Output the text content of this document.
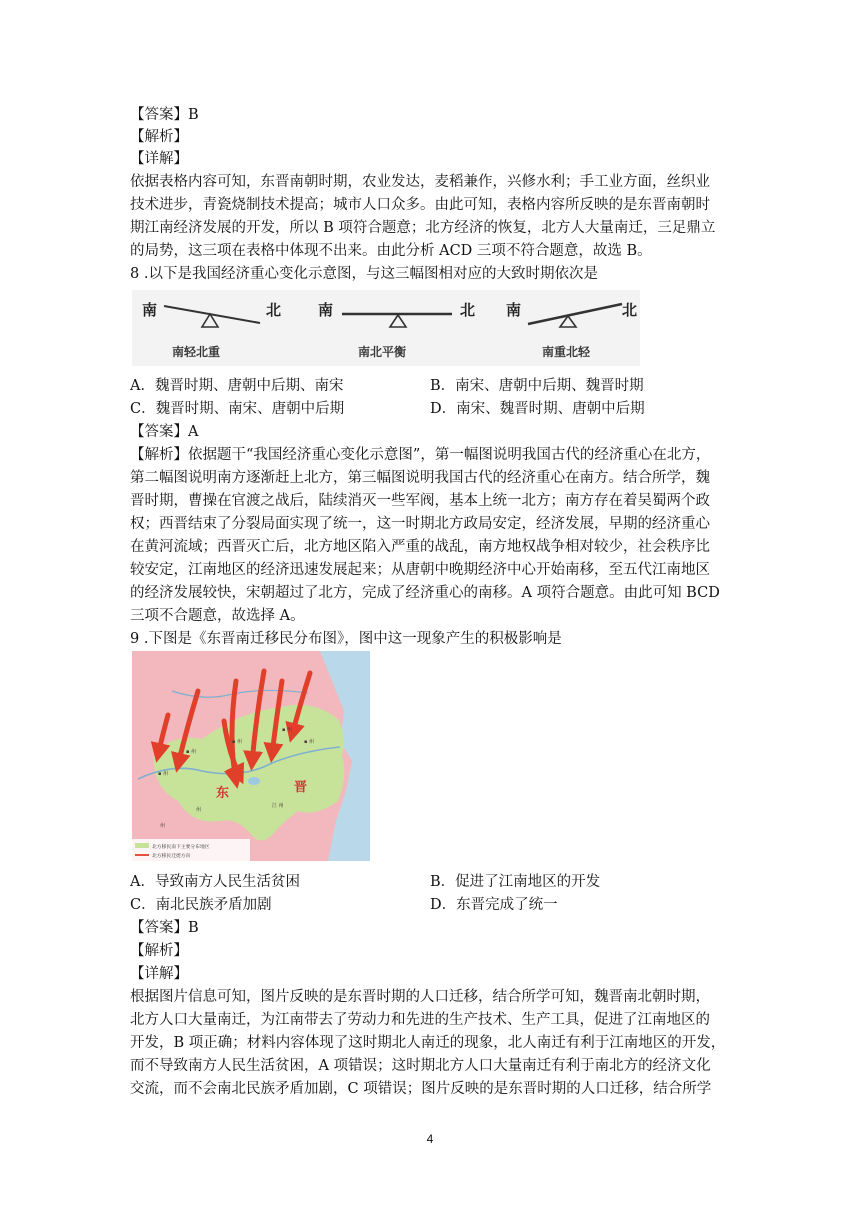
【答案】B

【解析】

【详解】

依据表格内容可知，东晋南朝时期，农业发达，麦稻兼作，兴修水利；手工业方面，丝织业

技术进步，青瓷烧制技术提高；城市人口众多。由此可知，表格内容所反映的是东晋南朝时

期江南经济发展的开发，所以 B 项符合题意；北方经济的恢复，北方人大量南迁，三足鼎立

的局势，这三项在表格中体现不出来。由此分析 ACD 三项不符合题意，故选 B。

8 .以下是我国经济重心变化示意图，与这三幅图相对应的大致时期依次是

南	北
南轻北重
南	北
南北平衡
南	北
南重北轻
A．魏晋时期、唐朝中后期、南宋	B．南宋、唐朝中后期、魏晋时期
C．魏晋时期、南宋、唐朝中后期	D．南宋、魏晋时期、唐朝中后期

【答案】A

【解析】依据题干“我国经济重心变化示意图”，第一幅图说明我国古代的经济重心在北方，

第二幅图说明南方逐渐赶上北方，第三幅图说明我国古代的经济重心在南方。结合所学，魏

晋时期，曹操在官渡之战后，陆续消灭一些军阀，基本上统一北方；南方存在着吴蜀两个政

权；西晋结束了分裂局面实现了统一，这一时期北方政局安定，经济发展，早期的经济重心

在黄河流域；西晋灭亡后，北方地区陷入严重的战乱，南方地权战争相对较少，社会秩序比

较安定，江南地区的经济迅速发展起来；从唐朝中晚期经济中心开始南移，至五代江南地区

的经济发展较快，宋朝超过了北方，完成了经济重心的南移。A 项符合题意。由此可知 BCD

三项不合题意，故选择 A。

9 .下图是《东晋南迁移民分布图》，图中这一现象产生的积极影响是

▪ 州
▪ 州
▪ 州
▪ 州
▪ 州
江 州
州
州
东	晋
北方移民南下主要分布地区
北方移民迁徙方向
A．导致南方人民生活贫困	B．促进了江南地区的开发
C．南北民族矛盾加剧	D．东晋完成了统一

【答案】B

【解析】

【详解】

根据图片信息可知，图片反映的是东晋时期的人口迁移，结合所学可知，魏晋南北朝时期，

北方人口大量南迁，为江南带去了劳动力和先进的生产技术、生产工具，促进了江南地区的

开发，B 项正确；材料内容体现了这时期北人南迁的现象，北人南迁有利于江南地区的开发，

而不导致南方人民生活贫困，A 项错误；这时期北方人口大量南迁有利于南北方的经济文化

交流，而不会南北民族矛盾加剧，C 项错误；图片反映的是东晋时期的人口迁移，结合所学

4
